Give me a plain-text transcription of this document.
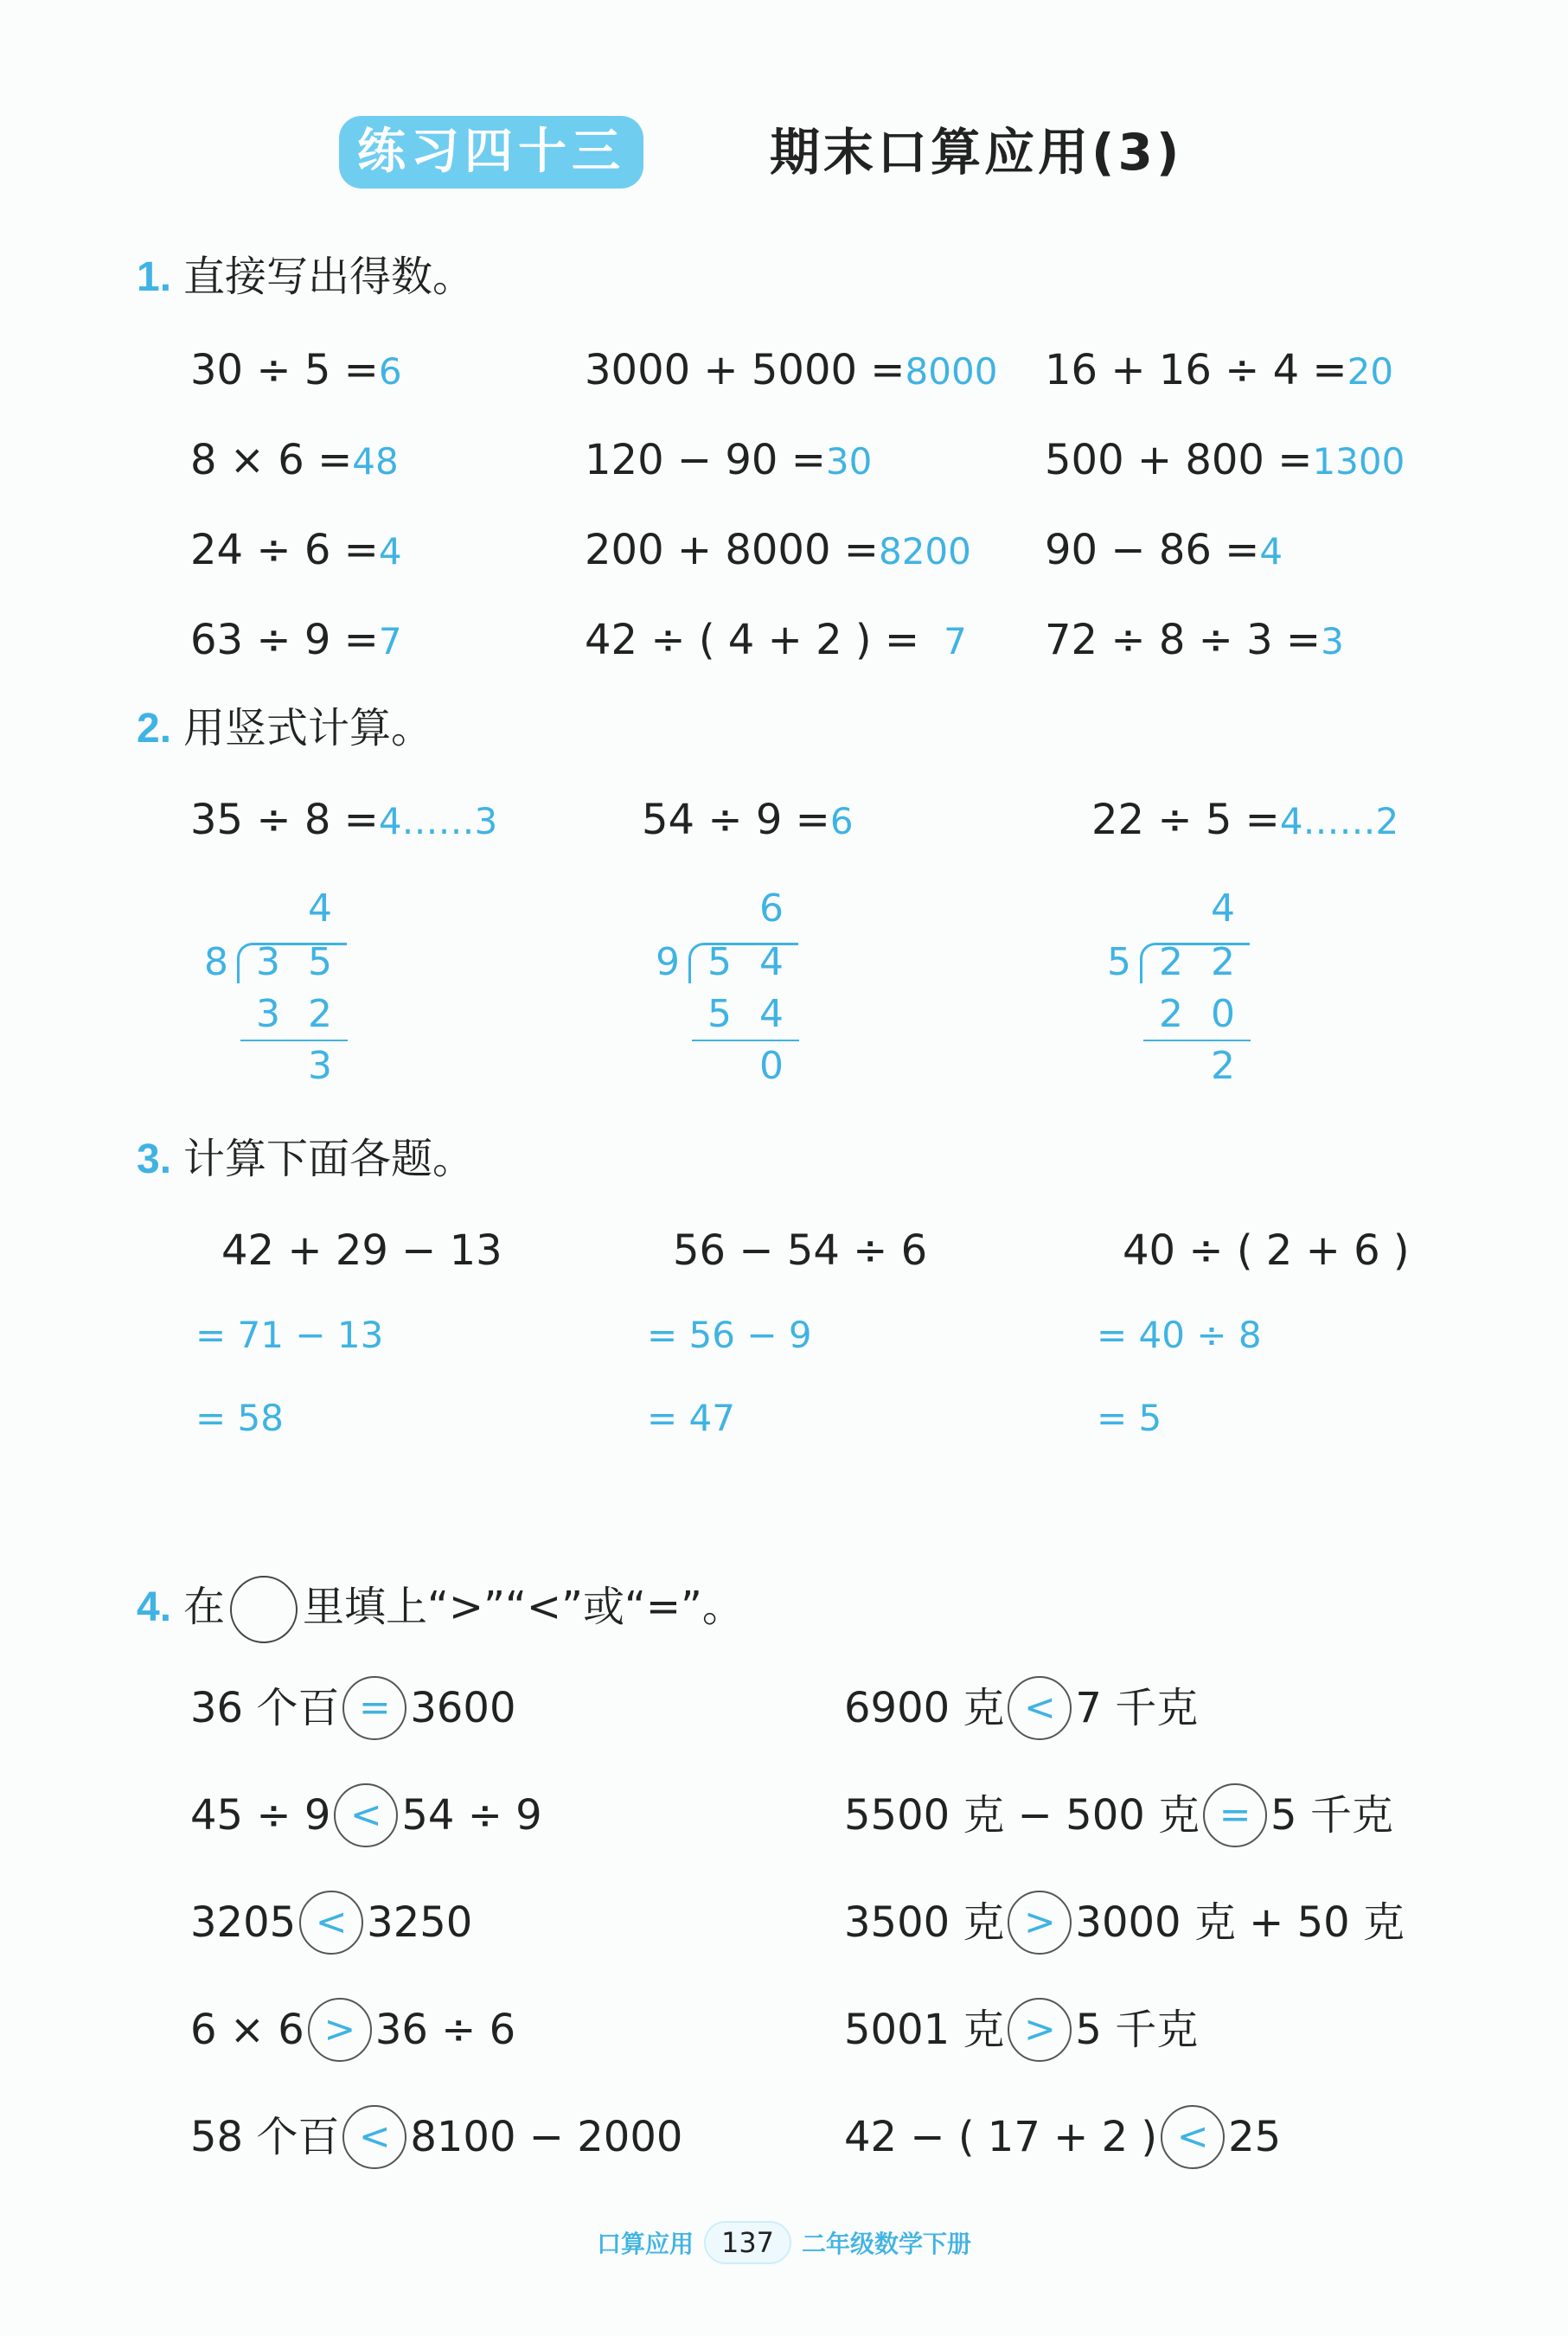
练习四十三	期末口算应用(3)
1. 直接写出得数。
30 ÷ 5 =6	3000 + 5000 =8000 16 + 16 ÷ 4 =20
8 × 6 =48	120 − 90 =30	500 + 800 =1300
24 ÷ 6 =4	200 + 8000 =8200 90 − 86 =4
63 ÷ 9 =7	42 ÷ ( 4 + 2 ) = 7 72 ÷ 8 ÷ 3 =3
2. 用竖式计算。
35 ÷ 8 =4……3	54 ÷ 9 =6	22 ÷ 5 =4……2
4
8 3 5
3 2
3
6
9 5 4
5 4
0
4
5 2 2
2 0
2
3. 计算下面各题。
42 + 29 − 13	56 − 54 ÷ 6	40 ÷ ( 2 + 6 )
= 71 − 13	= 56 − 9	= 40 ÷ 8
= 58	= 47	= 5
4. 在 里填上“>”“<”或“=”。
36 个百 = 3600	6900 克 < 7 千克
45 ÷ 9 < 54 ÷ 9	5500 克 − 500 克 = 5 千克
3205 < 3250	3500 克 > 3000 克 + 50 克
6 × 6 > 36 ÷ 6	5001 克 > 5 千克
58 个百 < 8100 − 2000	42 − ( 17 + 2 ) < 25
口算应用 137 二年级数学下册
